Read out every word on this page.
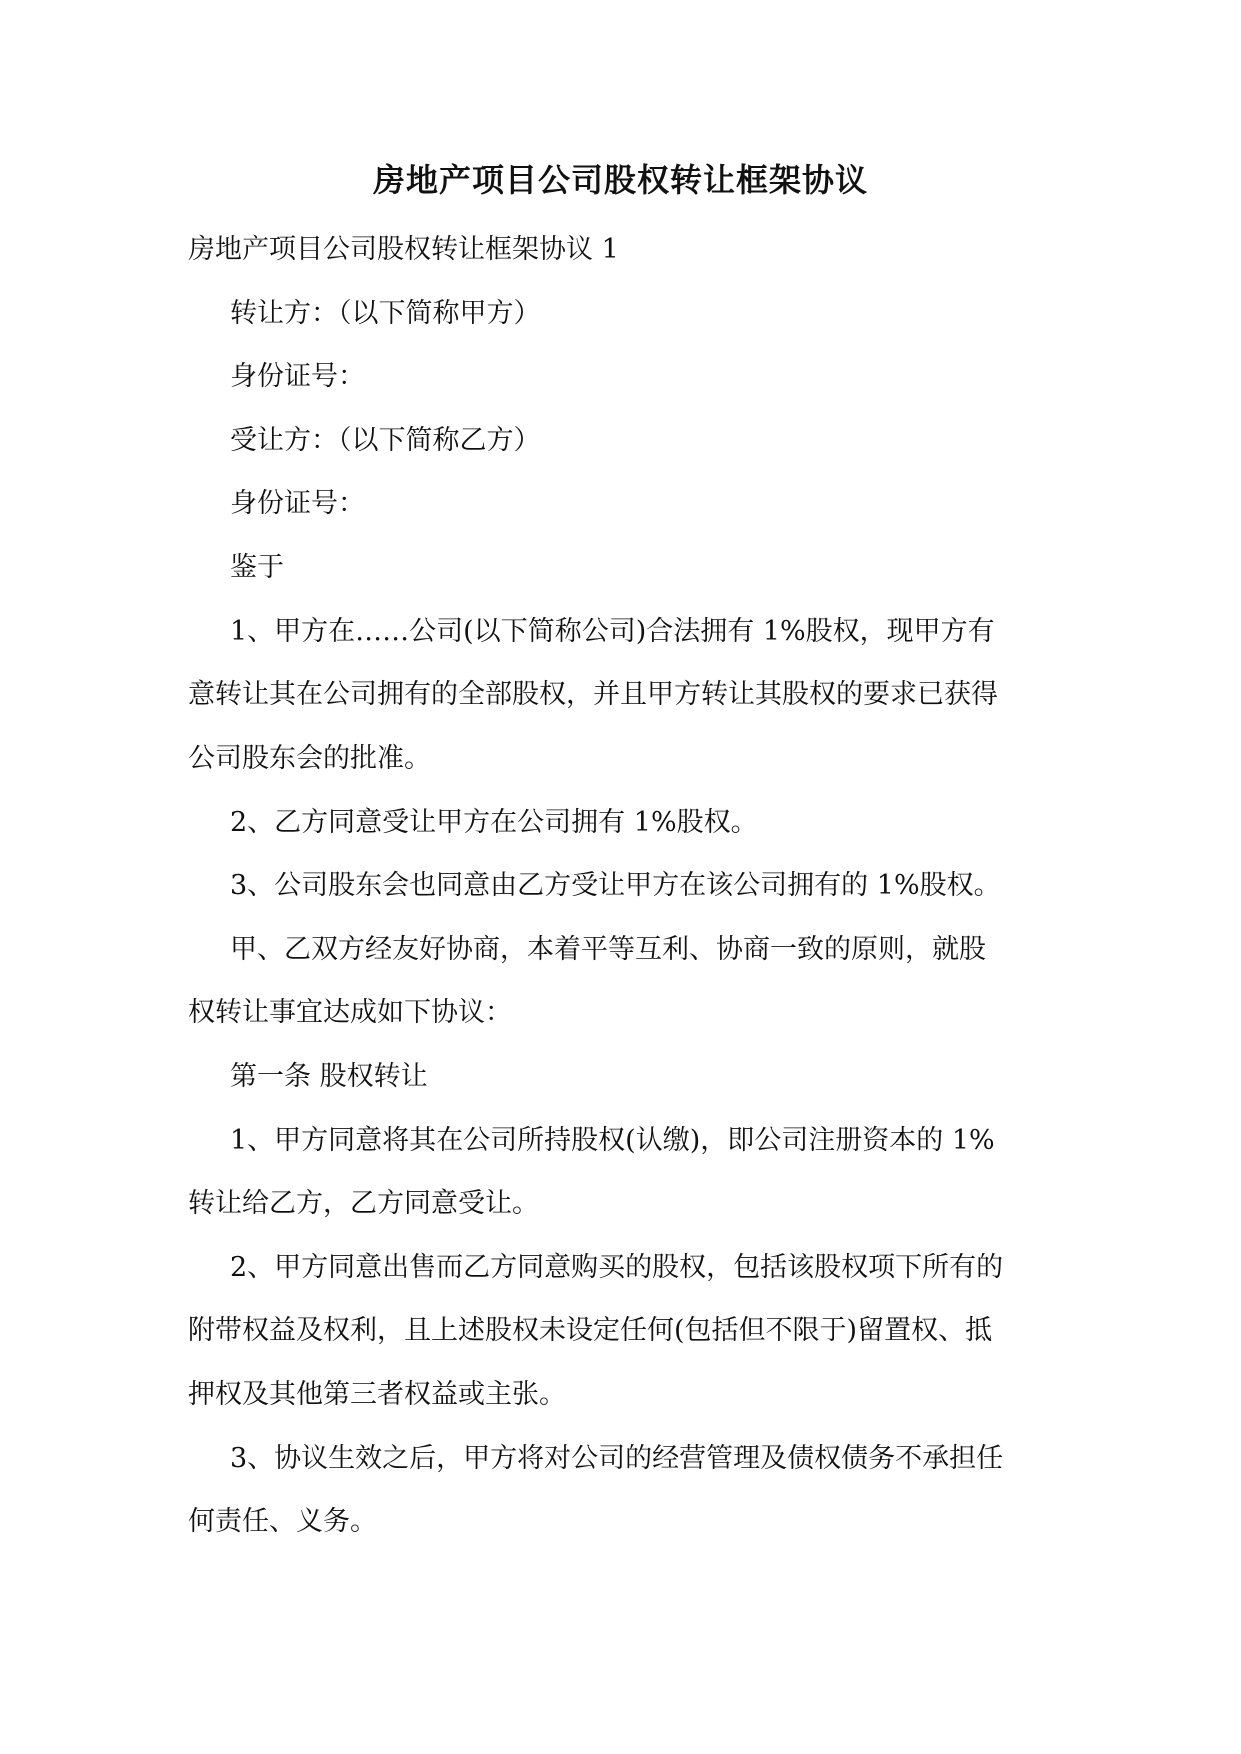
房地产项目公司股权转让框架协议

房地产项目公司股权转让框架协议 1

转让方：（以下简称甲方）

身份证号：

受让方：（以下简称乙方）

身份证号：

鉴于

1、甲方在……公司(以下简称公司)合法拥有 1%股权，现甲方有

意转让其在公司拥有的全部股权，并且甲方转让其股权的要求已获得

公司股东会的批准。

2、乙方同意受让甲方在公司拥有 1%股权。

3、公司股东会也同意由乙方受让甲方在该公司拥有的 1%股权。

甲、乙双方经友好协商，本着平等互利、协商一致的原则，就股

权转让事宜达成如下协议：

第一条 股权转让

1、甲方同意将其在公司所持股权(认缴)，即公司注册资本的 1%

转让给乙方，乙方同意受让。

2、甲方同意出售而乙方同意购买的股权，包括该股权项下所有的

附带权益及权利，且上述股权未设定任何(包括但不限于)留置权、抵

押权及其他第三者权益或主张。

3、协议生效之后，甲方将对公司的经营管理及债权债务不承担任

何责任、义务。
